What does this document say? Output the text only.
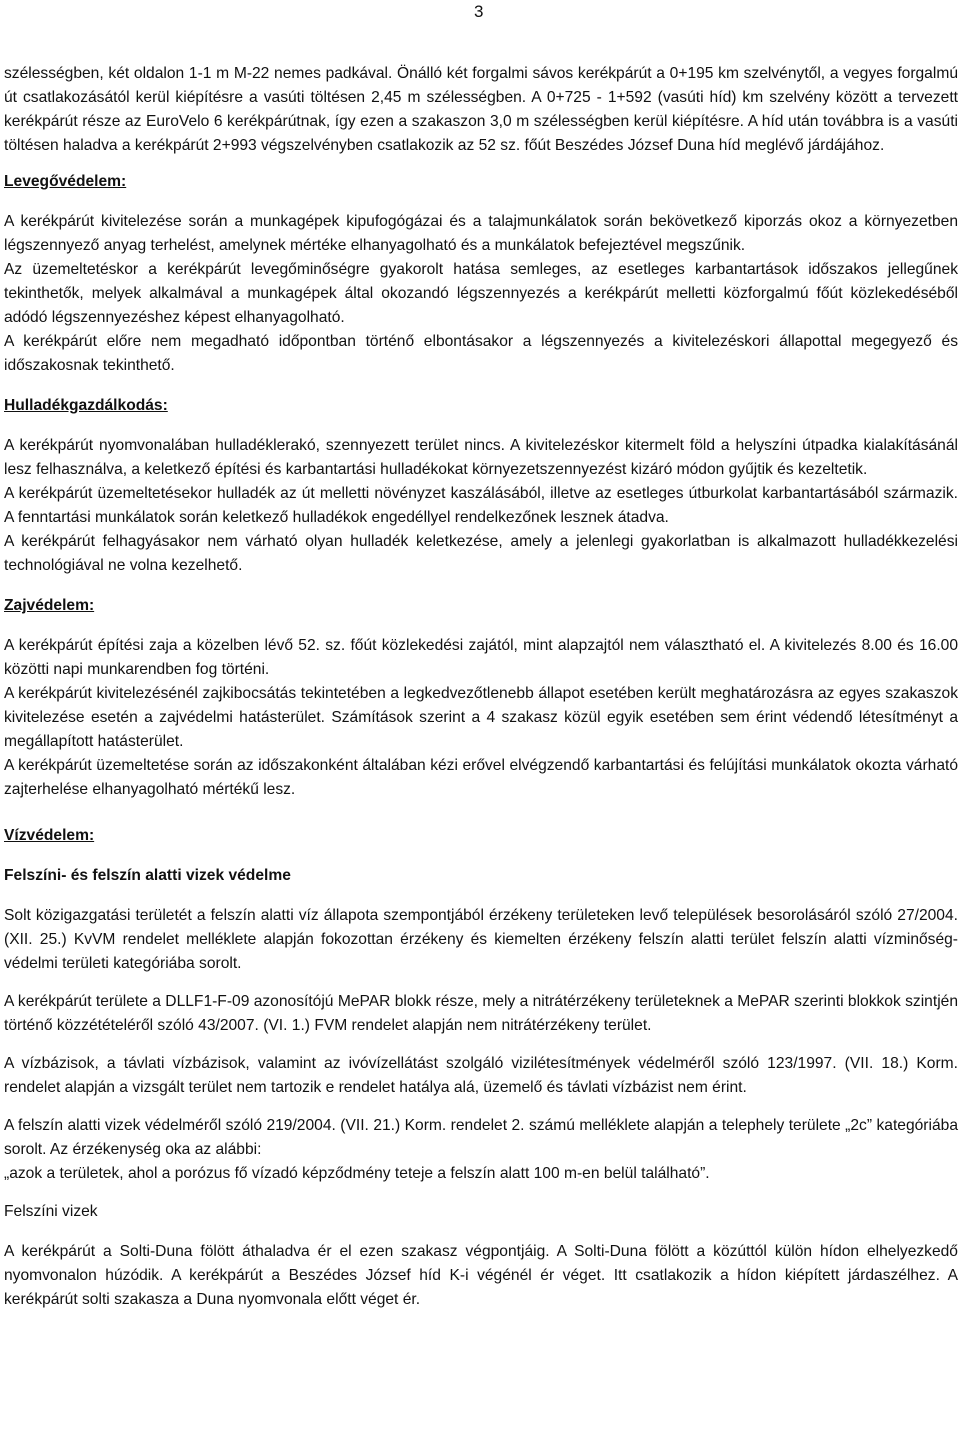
3

szélességben, két oldalon 1-1 m M-22 nemes padkával. Önálló két forgalmi sávos kerékpárút a 0+195 km szelvénytől, a vegyes forgalmú út csatlakozásától kerül kiépítésre a vasúti töltésen 2,45 m szélességben. A 0+725 - 1+592 (vasúti híd) km szelvény között a tervezett kerékpárút része az EuroVelo 6 kerékpárútnak, így ezen a szakaszon 3,0 m szélességben kerül kiépítésre. A híd után továbbra is a vasúti töltésen haladva a kerékpárút 2+993 végszelvényben csatlakozik az 52 sz. főút Beszédes József Duna híd meglévő járdájához.

Levegővédelem:

A kerékpárút kivitelezése során a munkagépek kipufogógázai és a talajmunkálatok során bekövetkező kiporzás okoz a környezetben légszennyező anyag terhelést, amelynek mértéke elhanyagolható és a munkálatok befejeztével megszűnik.

Az üzemeltetéskor a kerékpárút levegőminőségre gyakorolt hatása semleges, az esetleges karbantartások időszakos jellegűnek tekinthetők, melyek alkalmával a munkagépek által okozandó légszennyezés a kerékpárút melletti közforgalmú főút közlekedéséből adódó légszennyezéshez képest elhanyagolható.

A kerékpárút előre nem megadható időpontban történő elbontásakor a légszennyezés a kivitelezéskori állapottal megegyező és időszakosnak tekinthető.

Hulladékgazdálkodás:

A kerékpárút nyomvonalában hulladéklerakó, szennyezett terület nincs. A kivitelezéskor kitermelt föld a helyszíni útpadka kialakításánál lesz felhasználva, a keletkező építési és karbantartási hulladékokat környezetszennyezést kizáró módon gyűjtik és kezeltetik.

A kerékpárút üzemeltetésekor hulladék az út melletti növényzet kaszálásából, illetve az esetleges útburkolat karbantartásából származik. A fenntartási munkálatok során keletkező hulladékok engedéllyel rendelkezőnek lesznek átadva.

A kerékpárút felhagyásakor nem várható olyan hulladék keletkezése, amely a jelenlegi gyakorlatban is alkalmazott hulladékkezelési technológiával ne volna kezelhető.

Zajvédelem:

A kerékpárút építési zaja a közelben lévő 52. sz. főút közlekedési zajától, mint alapzajtól nem választható el. A kivitelezés 8.00 és 16.00 közötti napi munkarendben fog történi.

A kerékpárút kivitelezésénél zajkibocsátás tekintetében a legkedvezőtlenebb állapot esetében került meghatározásra az egyes szakaszok kivitelezése esetén a zajvédelmi hatásterület. Számítások szerint a 4 szakasz közül egyik esetében sem érint védendő létesítményt a megállapított hatásterület.

A kerékpárút üzemeltetése során az időszakonként általában kézi erővel elvégzendő karbantartási és felújítási munkálatok okozta várható zajterhelése elhanyagolható mértékű lesz.

Vízvédelem:

Felszíni- és felszín alatti vizek védelme

Solt közigazgatási területét a felszín alatti víz állapota szempontjából érzékeny területeken levő települések besorolásáról szóló 27/2004. (XII. 25.) KvVM rendelet melléklete alapján fokozottan érzékeny és kiemelten érzékeny felszín alatti terület felszín alatti vízminőség-védelmi területi kategóriába sorolt.

A kerékpárút területe a DLLF1-F-09 azonosítójú MePAR blokk része, mely a nitrátérzékeny területeknek a MePAR szerinti blokkok szintjén történő közzétételéről szóló 43/2007. (VI. 1.) FVM rendelet alapján nem nitrátérzékeny terület.

A vízbázisok, a távlati vízbázisok, valamint az ivóvízellátást szolgáló vizilétesítmények védelméről szóló 123/1997. (VII. 18.) Korm. rendelet alapján a vizsgált terület nem tartozik e rendelet hatálya alá, üzemelő és távlati vízbázist nem érint.

A felszín alatti vizek védelméről szóló 219/2004. (VII. 21.) Korm. rendelet 2. számú melléklete alapján a telephely területe „2c” kategóriába sorolt. Az érzékenység oka az alábbi:

„azok a területek, ahol a porózus fő vízadó képződmény teteje a felszín alatt 100 m-en belül található”.

Felszíni vizek

A kerékpárút a Solti-Duna fölött áthaladva ér el ezen szakasz végpontjáig. A Solti-Duna fölött a közúttól külön hídon elhelyezkedő nyomvonalon húzódik. A kerékpárút a Beszédes József híd K-i végénél ér véget. Itt csatlakozik a hídon kiépített járdaszélhez. A kerékpárút solti szakasza a Duna nyomvonala előtt véget ér.
